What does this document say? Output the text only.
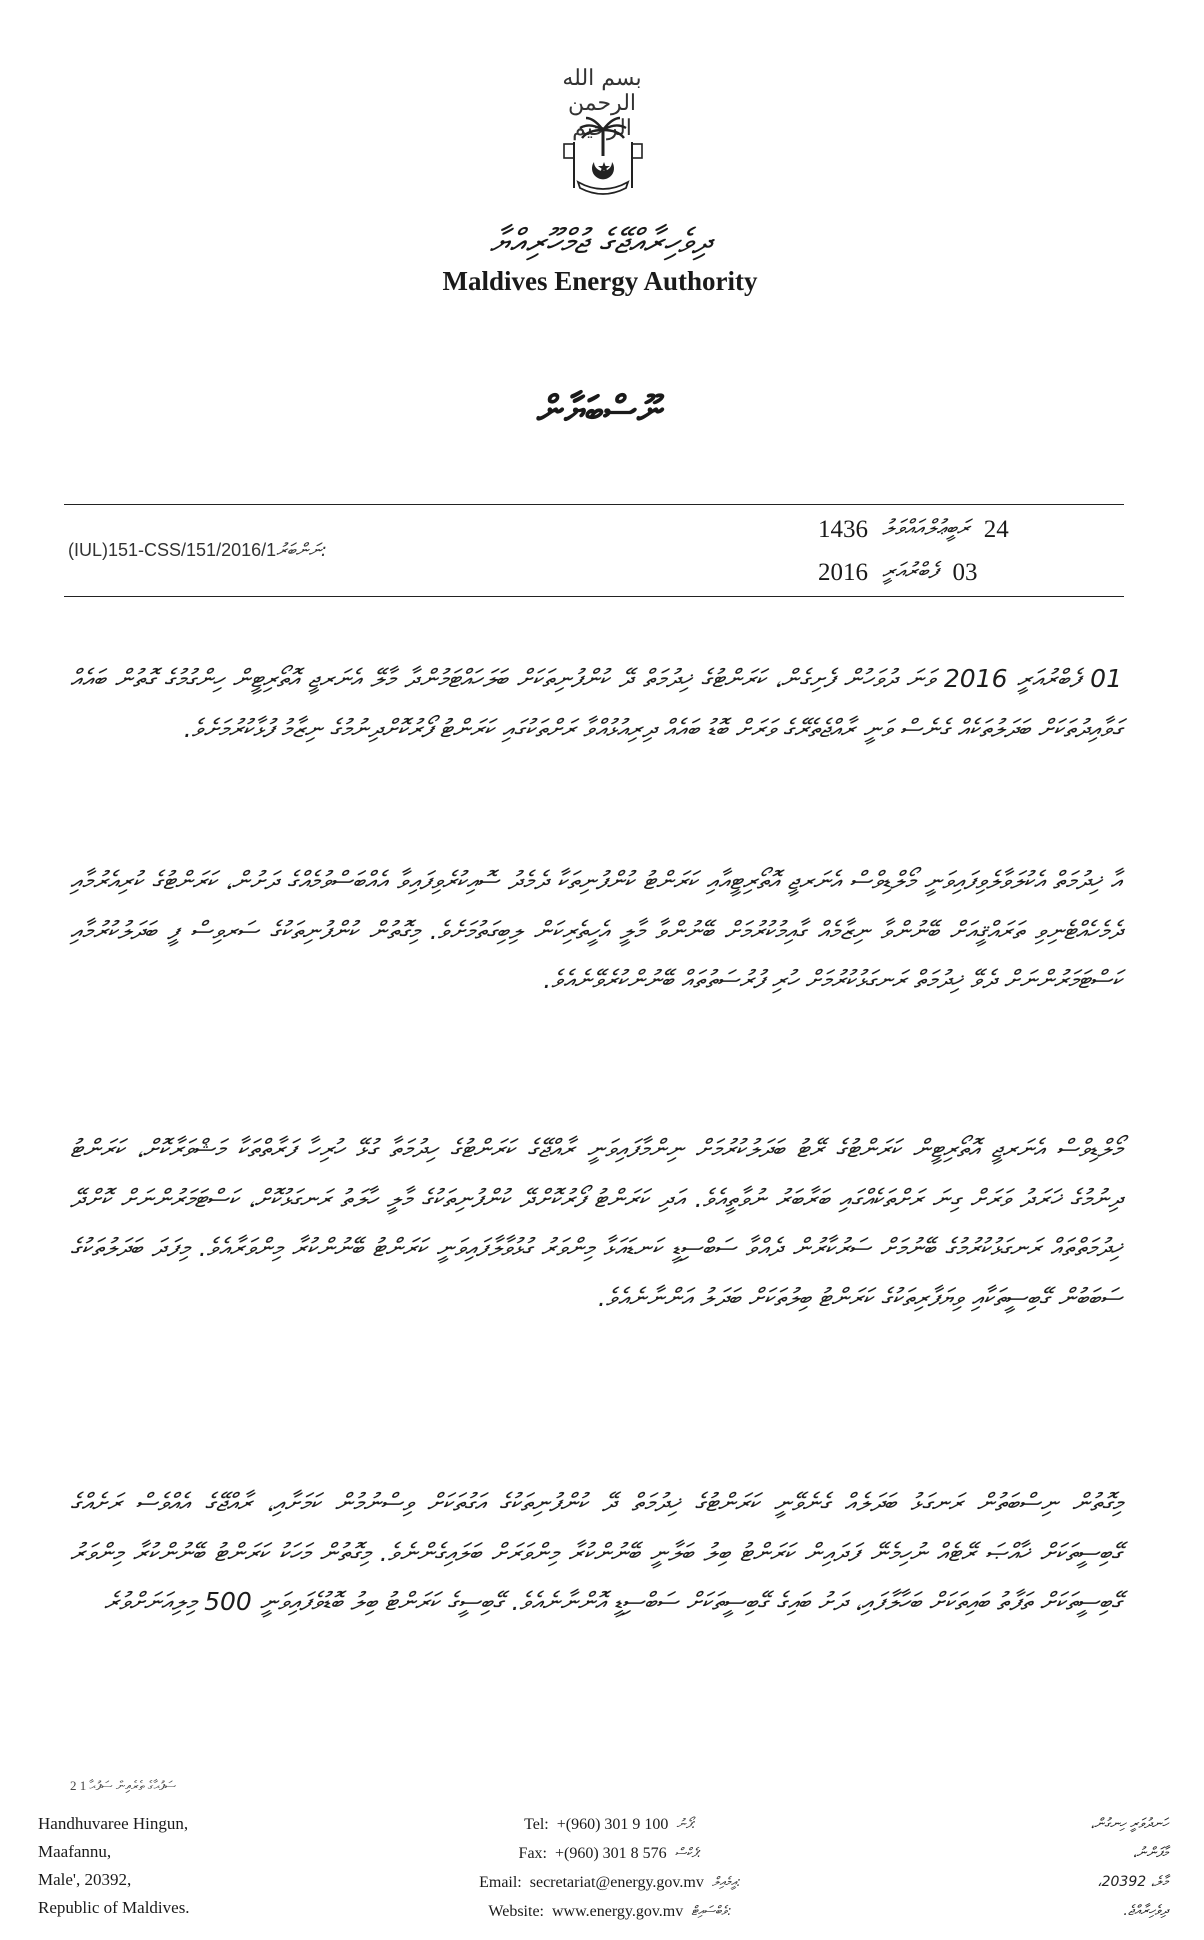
بسم الله الرحمن الرحيم
ދިވެހިރާއްޖޭގެ ޖުމްހޫރިއްޔާ
Maldives Energy Authority
ނޫސްބަޔާން
(IUL)151-CSS/151/2016/1ނަންބަރު:
24
ރަބީޢުލްއައްވަލު
1436
03
ފެބްރުއަރީ
2016

01 ފެބްރުއަރީ 2016 ވަނަ ދުވަހުން ފެށިގެން، ކަރަންޓުގެ ޚިދުމަތް ދޭ ކުންފުނިތަކަށް ބަލަހައްޓަމުންދާ މާލޭ އެނަރޖީ އޮތޯރިޓީން ހިންގުމުގެ ގޮތުން ބައެއް ގަވާއިދުތަކަށް ބަދަލުތަކެއް ގެނެސް ވަނީ ރާއްޖެތެރޭގެ ވަރަށް ބޮޑު ބައެއް ދިރިއުޅުއްވާ ރަށްތަކުގައި ކަރަންޓު ފޯރުކޮށްދިނުމުގެ ނިޒާމު ފުޅާކުރުމަށެވެ.

އާ ޚިދުމަތް އެކުލަވާލެވިފައިވަނީ މޯލްޑިވްސް އެނަރޖީ އޮތޯރިޓީއާއި ކަރަންޓު ކުންފުނިތަކާ ދެމެދު ސޮއިކުރެވިފައިވާ އެއްބަސްވުމެއްގެ ދަށުން، ކަރަންޓުގެ ކުރިއެރުމާއި ދެމެހެއްޓެނިވި ތަރައްޤީއަށް ބޭނުންވާ ނިޒާމެއް ގާއިމުކުރުމަށް ބޭނުންވާ މާލީ އެހީތެރިކަން ލިބިގަތުމަށެވެ. މިގޮތުން ކުންފުނިތަކުގެ ސަރވިސް ފީ ބަދަލުކުރުމާއި ކަސްޓަމަރުންނަށް ދެވޭ ޚިދުމަތް ރަނގަޅުކުރުމަށް ހުރި ފުރުސަތުތައް ބޭނުންކުރެވޭނެއެވެ.

މޯލްޑިވްސް އެނަރޖީ އޮތޯރިޓީން ކަރަންޓުގެ ރޭޓު ބަދަލުކުރުމަށް ނިންމާފައިވަނީ ރާއްޖޭގެ ކަރަންޓުގެ ހިދުމަތާ ގުޅޭ ހުރިހާ ފަރާތްތަކާ މަޝްވަރާކޮށް، ކަރަންޓު ދިނުމުގެ ޚަރަދު ވަރަށް ގިނަ ރަށްތަކެއްގައި ބަރާބަރު ނުވާތީއެވެ. އަދި ކަރަންޓު ފޯރުކޮށްދޭ ކުންފުނިތަކުގެ މާލީ ހާލަތު ރަނގަޅުކޮށް، ކަސްޓަމަރުންނަށް ކޮށްދޭ ޚިދުމަތްތައް ރަނގަޅުކުރުމުގެ ބޭނުމަށް ސަރުކާރުން ދެއްވާ ސަބްސިޑީ ކަނޑައަޅާ މިންވަރު ގުޅުވާލާފައިވަނީ ކަރަންޓު ބޭނުންކުރާ މިންވަރާއެވެ. މިފަދަ ބަދަލުތަކުގެ ސަބަބުން ގޭބިސީތަކާއި ވިޔަފާރިތަކުގެ ކަރަންޓު ބިލުތަކަށް ބަދަލު އަންނާނެއެވެ.

މިގޮތުން ނިސްބަތުން ރަނގަޅު ބަދަލެއް ގެނެވޭނީ ކަރަންޓުގެ ޚިދުމަތް ދޭ ކުންފުނިތަކުގެ އަގުތަކަށް ވިސްނުމުން ކަމަށާއި، ރާއްޖޭގެ އެއްވެސް ރަށެއްގެ ގޭބިސީތަކަށް ޚާއްޞަ ރޭޓެއް ނުހިމެނޭ ފަދައިން ކަރަންޓު ބިލު ބަލާނީ ބޭނުންކުރާ މިންވަރަށް ބަލައިގެންނެވެ. މިގޮތުން މަހަކު ކަރަންޓު ބޭނުންކުރާ މިންވަރު ގޭބިސީތަކަށް ތަފާތު ބައިތަކަށް ބަހާލާފައި، ދަށު ބައިގެ ގޭބިސީތަކަށް ސަބްސިޑީ އޮންނާނެއެވެ. ގޭބިސީގެ ކަރަންޓު ބިލު ބޮޑުވެފައިވަނީ 500 މިލިއަނަށްވުރެ

2 ސަފުޙާގެ ތެރެއިން ސަފުޙާ 1
Handhuvaree Hingun,
Maafannu,
Male', 20392,
Republic of Maldives.
Tel: +(960) 301 9 100 ފޯނު:
Fax: +(960) 301 8 576 ފެކްސް:
Email: secretariat@energy.gov.mv އީމެއިލް:
Website: www.energy.gov.mv ވެބްސައިޓް:
ހަނދުވަރީ ހިނގުން،
މާފަންނު،
މާލެ، 20392،
ދިވެހިރާއްޖެ.
